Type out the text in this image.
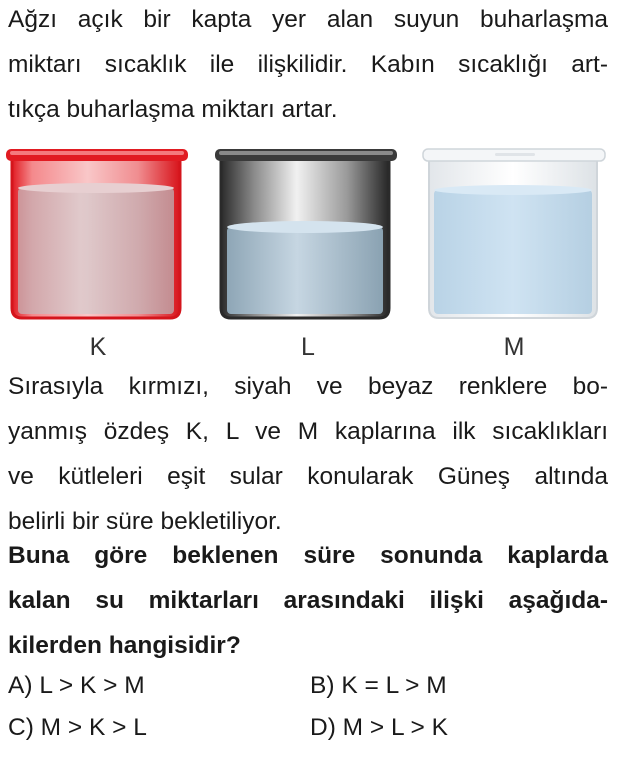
Ağzı açık bir kapta yer alan suyun buharlaşma
miktarı sıcaklık ile ilişkilidir. Kabın sıcaklığı art-
tıkça buharlaşma miktarı artar.
K	L	M
Sırasıyla kırmızı, siyah ve beyaz renklere bo-
yanmış özdeş K, L ve M kaplarına ilk sıcaklıkları
ve kütleleri eşit sular konularak Güneş altında
belirli bir süre bekletiliyor.
Buna göre beklenen süre sonunda kaplarda
kalan su miktarları arasındaki ilişki aşağıda-
kilerden hangisidir?
A) L > K > M	B) K = L > M
C) M > K > L	D) M > L > K
